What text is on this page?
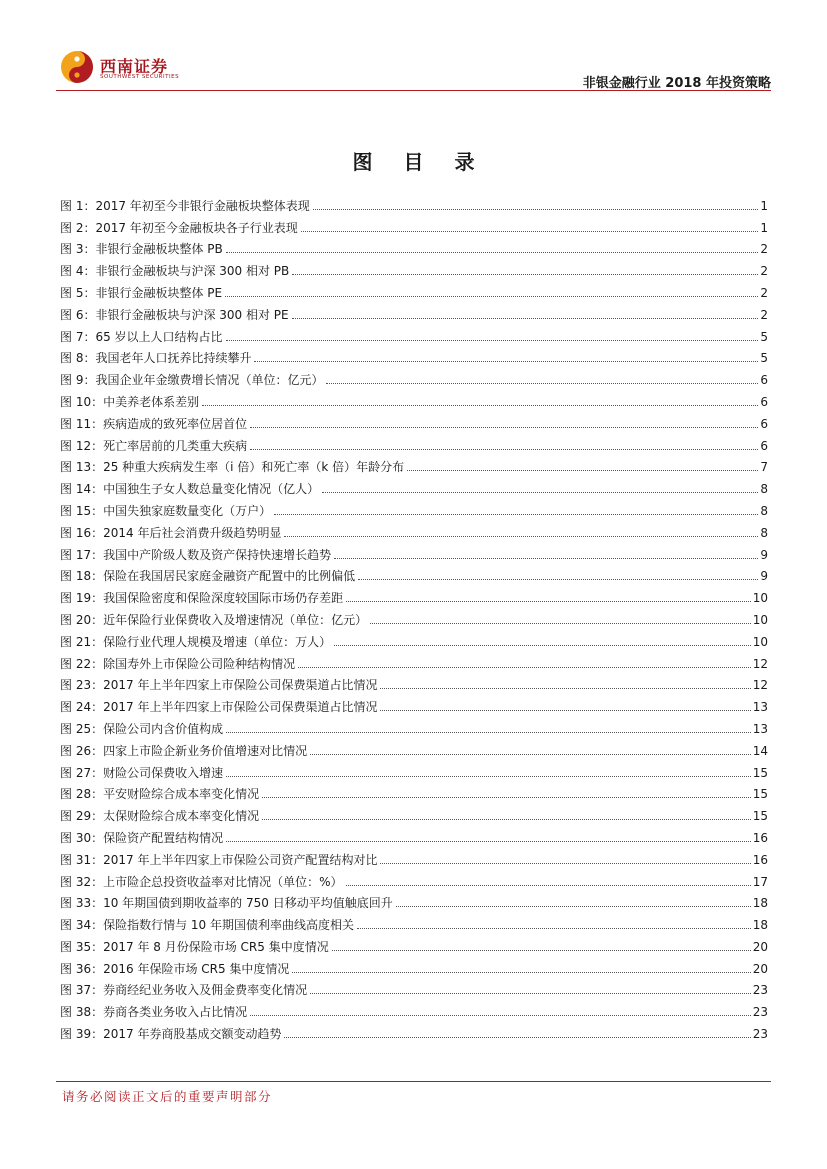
西南证券
SOUTHWEST SECURITIES	非银金融行业 2018 年投资策略
图 目 录
图 1：2017 年初至今非银行金融板块整体表现	1
图 2：2017 年初至今金融板块各子行业表现	1
图 3：非银行金融板块整体 PB	2
图 4：非银行金融板块与沪深 300 相对 PB	2
图 5：非银行金融板块整体 PE	2
图 6：非银行金融板块与沪深 300 相对 PE	2
图 7：65 岁以上人口结构占比	5
图 8：我国老年人口抚养比持续攀升	5
图 9：我国企业年金缴费增长情况（单位：亿元）	6
图 10：中美养老体系差别	6
图 11：疾病造成的致死率位居首位	6
图 12：死亡率居前的几类重大疾病	6
图 13：25 种重大疾病发生率（i 倍）和死亡率（k 倍）年龄分布	7
图 14：中国独生子女人数总量变化情况（亿人）	8
图 15：中国失独家庭数量变化（万户）	8
图 16：2014 年后社会消费升级趋势明显	8
图 17：我国中产阶级人数及资产保持快速增长趋势	9
图 18：保险在我国居民家庭金融资产配置中的比例偏低	9
图 19：我国保险密度和保险深度较国际市场仍存差距	10
图 20：近年保险行业保费收入及增速情况（单位：亿元）	10
图 21：保险行业代理人规模及增速（单位：万人）	10
图 22：除国寿外上市保险公司险种结构情况	12
图 23：2017 年上半年四家上市保险公司保费渠道占比情况	12
图 24：2017 年上半年四家上市保险公司保费渠道占比情况	13
图 25：保险公司内含价值构成	13
图 26：四家上市险企新业务价值增速对比情况	14
图 27：财险公司保费收入增速	15
图 28：平安财险综合成本率变化情况	15
图 29：太保财险综合成本率变化情况	15
图 30：保险资产配置结构情况	16
图 31：2017 年上半年四家上市保险公司资产配置结构对比	16
图 32：上市险企总投资收益率对比情况（单位：%）	17
图 33：10 年期国债到期收益率的 750 日移动平均值触底回升	18
图 34：保险指数行情与 10 年期国债利率曲线高度相关	18
图 35：2017 年 8 月份保险市场 CR5 集中度情况	20
图 36：2016 年保险市场 CR5 集中度情况	20
图 37：券商经纪业务收入及佣金费率变化情况	23
图 38：券商各类业务收入占比情况	23
图 39：2017 年券商股基成交额变动趋势	23
请务必阅读正文后的重要声明部分
